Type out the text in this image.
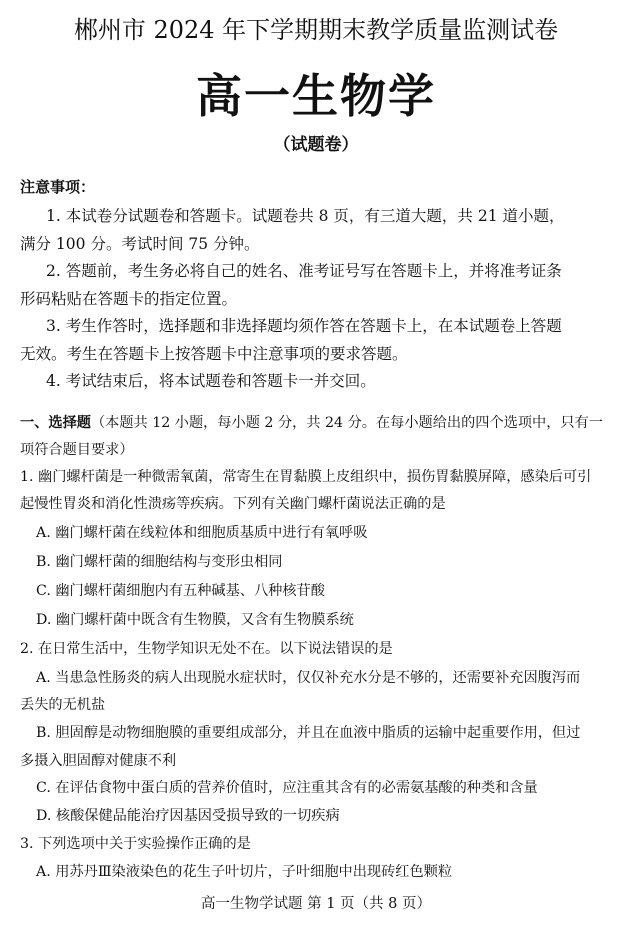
郴州市 2024 年下学期期末教学质量监测试卷
高一生物学
（试题卷）
注意事项：
1. 本试卷分试题卷和答题卡。试题卷共 8 页，有三道大题，共 21 道小题，
满分 100 分。考试时间 75 分钟。
2. 答题前，考生务必将自己的姓名、准考证号写在答题卡上，并将准考证条
形码粘贴在答题卡的指定位置。
3. 考生作答时，选择题和非选择题均须作答在答题卡上，在本试题卷上答题
无效。考生在答题卡上按答题卡中注意事项的要求答题。
4. 考试结束后，将本试题卷和答题卡一并交回。
一、选择题（本题共 12 小题，每小题 2 分，共 24 分。在每小题给出的四个选项中，只有一
项符合题目要求）
1. 幽门螺杆菌是一种微需氧菌，常寄生在胃黏膜上皮组织中，损伤胃黏膜屏障，感染后可引
起慢性胃炎和消化性溃疡等疾病。下列有关幽门螺杆菌说法正确的是
A. 幽门螺杆菌在线粒体和细胞质基质中进行有氧呼吸
B. 幽门螺杆菌的细胞结构与变形虫相同
C. 幽门螺杆菌细胞内有五种碱基、八种核苷酸
D. 幽门螺杆菌中既含有生物膜，又含有生物膜系统
2. 在日常生活中，生物学知识无处不在。以下说法错误的是
A. 当患急性肠炎的病人出现脱水症状时，仅仅补充水分是不够的，还需要补充因腹泻而
丢失的无机盐
B. 胆固醇是动物细胞膜的重要组成部分，并且在血液中脂质的运输中起重要作用，但过
多摄入胆固醇对健康不利
C. 在评估食物中蛋白质的营养价值时，应注重其含有的必需氨基酸的种类和含量
D. 核酸保健品能治疗因基因受损导致的一切疾病
3. 下列选项中关于实验操作正确的是
A. 用苏丹Ⅲ染液染色的花生子叶切片，子叶细胞中出现砖红色颗粒
高一生物学试题 第 1 页（共 8 页）
